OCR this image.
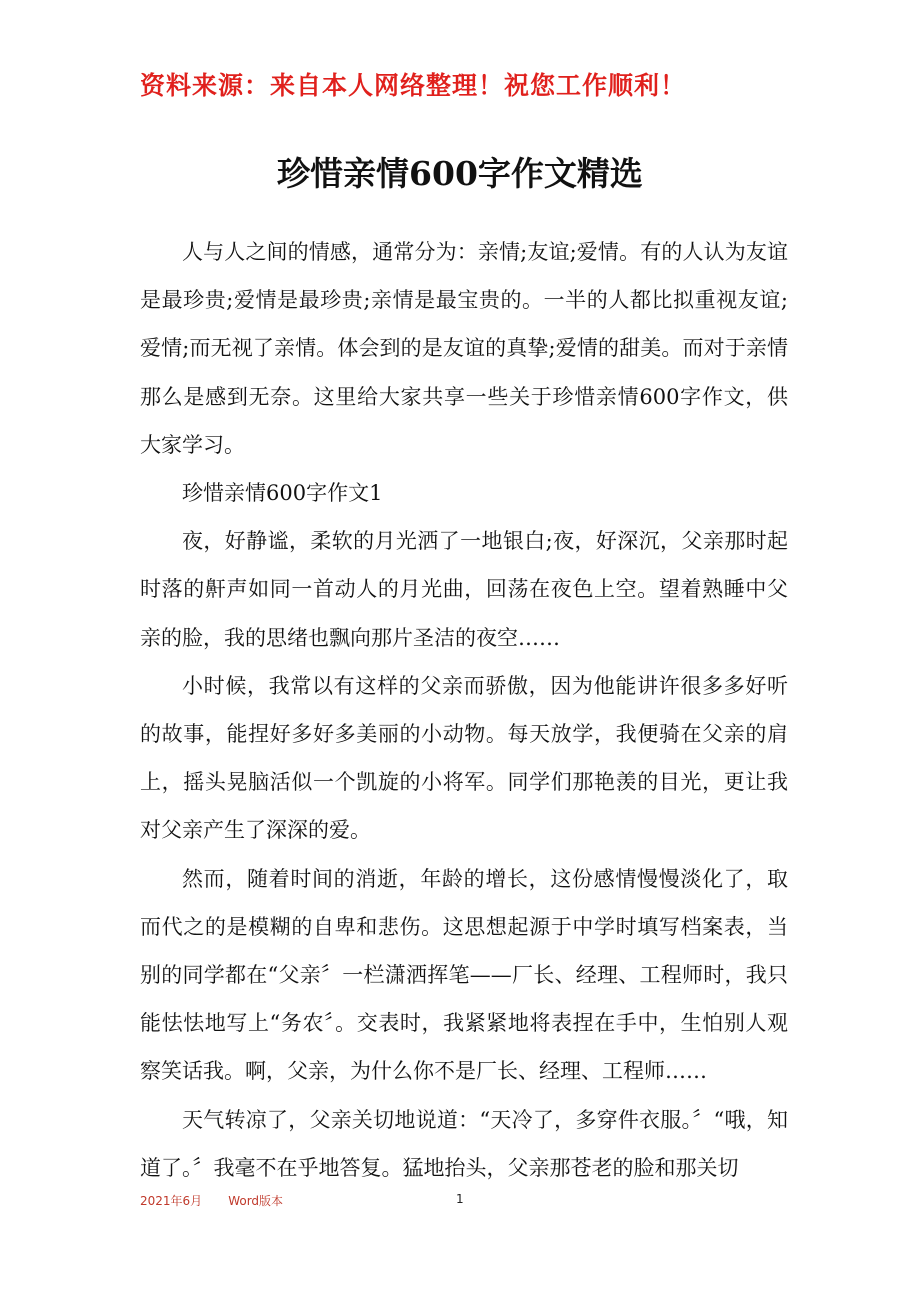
资料来源：来自本人网络整理！祝您工作顺利！
珍惜亲情600字作文精选

人与人之间的情感，通常分为：亲情;友谊;爱情。有的人认为友谊是最珍贵;爱情是最珍贵;亲情是最宝贵的。一半的人都比拟重视友谊;爱情;而无视了亲情。体会到的是友谊的真挚;爱情的甜美。而对于亲情那么是感到无奈。这里给大家共享一些关于珍惜亲情600字作文，供大家学习。

珍惜亲情600字作文1

夜，好静谧，柔软的月光洒了一地银白;夜，好深沉，父亲那时起时落的鼾声如同一首动人的月光曲，回荡在夜色上空。望着熟睡中父亲的脸，我的思绪也飘向那片圣洁的夜空……

小时候，我常以有这样的父亲而骄傲，因为他能讲许很多多好听的故事，能捏好多好多美丽的小动物。每天放学，我便骑在父亲的肩上，摇头晃脑活似一个凯旋的小将军。同学们那艳羡的目光，更让我对父亲产生了深深的爱。

然而，随着时间的消逝，年龄的增长，这份感情慢慢淡化了，取而代之的是模糊的自卑和悲伤。这思想起源于中学时填写档案表，当别的同学都在“父亲〞一栏潇洒挥笔——厂长、经理、工程师时，我只能怯怯地写上“务农〞。交表时，我紧紧地将表捏在手中，生怕别人观察笑话我。啊，父亲，为什么你不是厂长、经理、工程师……

天气转凉了，父亲关切地说道：“天冷了，多穿件衣服。〞“哦，知道了。〞我毫不在乎地答复。猛地抬头，父亲那苍老的脸和那关切

2021年6月 Word版本	1
